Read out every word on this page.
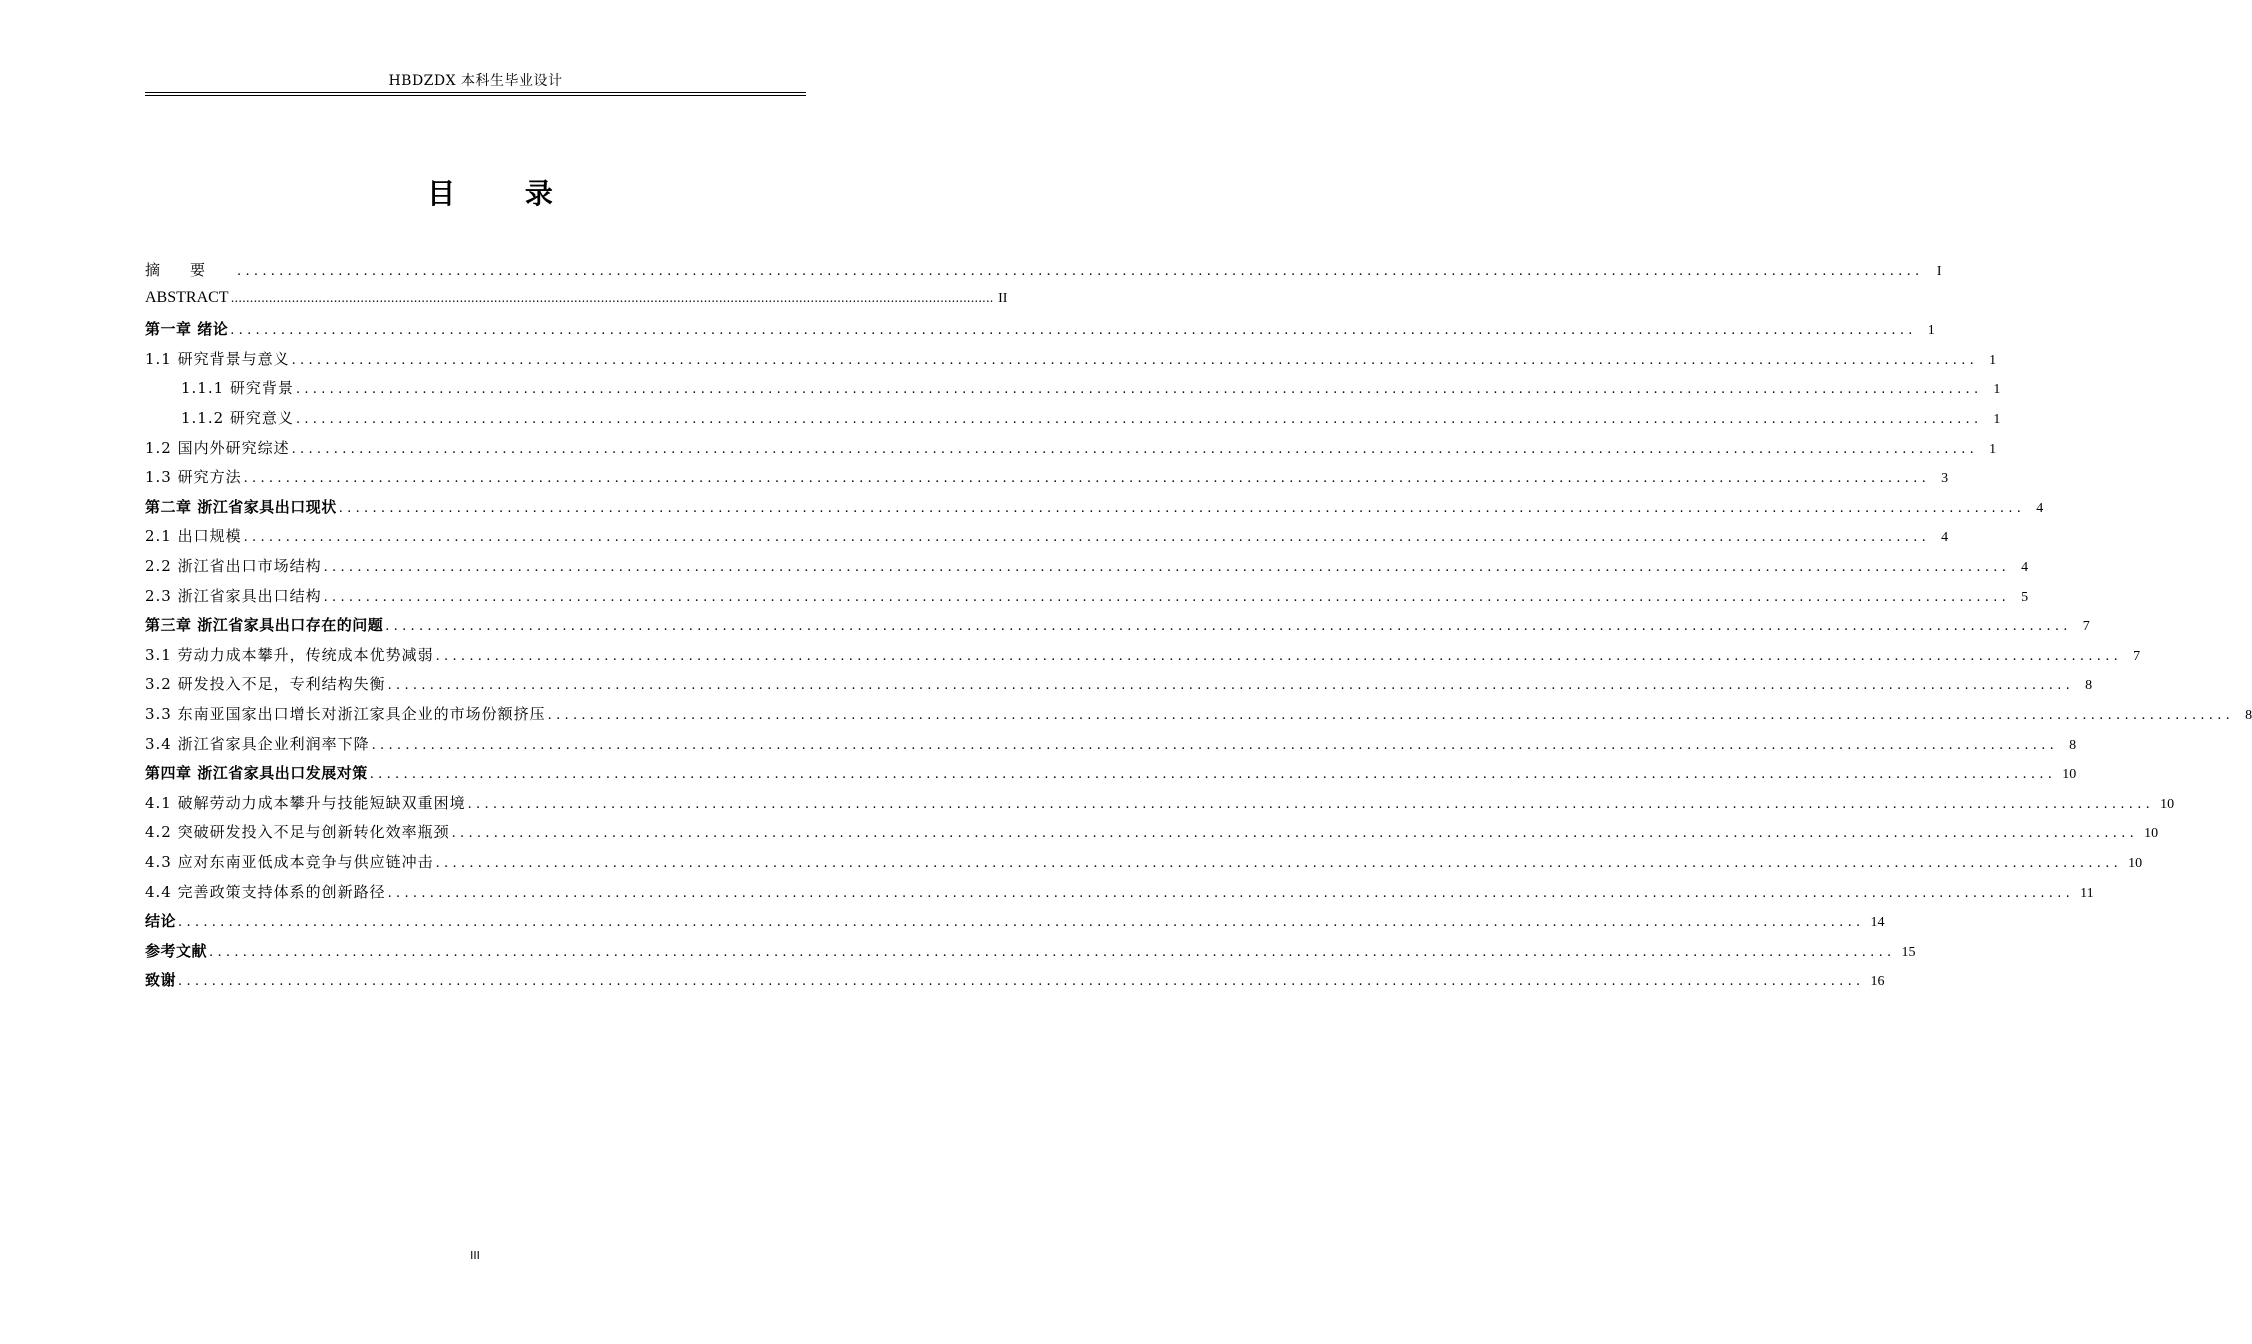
HBDZDX 本科生毕业设计
目 录
摘要 ........................................................................................................................................................................................................ I
ABSTRACT ........................................................................................................................................................................................................ II
第一章 绪论 ........................................................................................................................................................................................................ 1
1.1 研究背景与意义 ........................................................................................................................................................................................................ 1
1.1.1 研究背景 ........................................................................................................................................................................................................ 1
1.1.2 研究意义 ........................................................................................................................................................................................................ 1
1.2 国内外研究综述 ........................................................................................................................................................................................................ 1
1.3 研究方法 ........................................................................................................................................................................................................ 3
第二章 浙江省家具出口现状 ........................................................................................................................................................................................................ 4
2.1 出口规模 ........................................................................................................................................................................................................ 4
2.2 浙江省出口市场结构 ........................................................................................................................................................................................................ 4
2.3 浙江省家具出口结构 ........................................................................................................................................................................................................ 5
第三章 浙江省家具出口存在的问题 ........................................................................................................................................................................................................ 7
3.1 劳动力成本攀升，传统成本优势减弱 ........................................................................................................................................................................................................ 7
3.2 研发投入不足，专利结构失衡 ........................................................................................................................................................................................................ 8
3.3 东南亚国家出口增长对浙江家具企业的市场份额挤压 ........................................................................................................................................................................................................ 8
3.4 浙江省家具企业利润率下降 ........................................................................................................................................................................................................ 8
第四章 浙江省家具出口发展对策 ........................................................................................................................................................................................................ 10
4.1 破解劳动力成本攀升与技能短缺双重困境 ........................................................................................................................................................................................................ 10
4.2 突破研发投入不足与创新转化效率瓶颈 ........................................................................................................................................................................................................ 10
4.3 应对东南亚低成本竞争与供应链冲击 ........................................................................................................................................................................................................ 10
4.4 完善政策支持体系的创新路径 ........................................................................................................................................................................................................ 11
结论 ........................................................................................................................................................................................................ 14
参考文献 ........................................................................................................................................................................................................ 15
致谢 ........................................................................................................................................................................................................ 16
III
